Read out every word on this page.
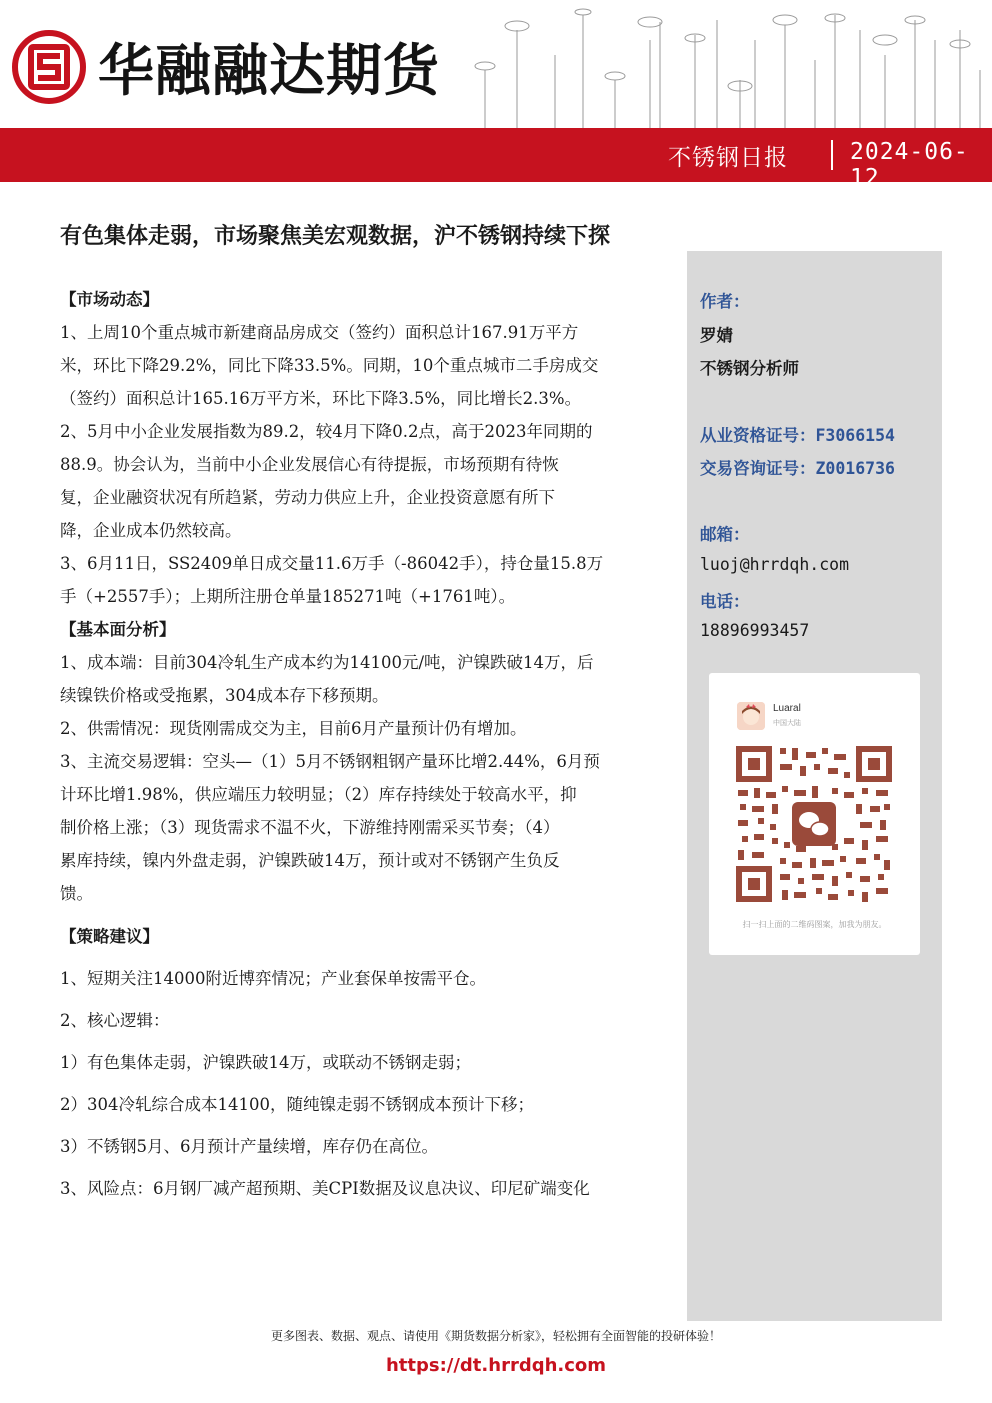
华融融达期货
不锈钢日报	2024-06-12
有色集体走弱，市场聚焦美宏观数据，沪不锈钢持续下探
【市场动态】

1、上周10个重点城市新建商品房成交（签约）面积总计167.91万平方

米，环比下降29.2%，同比下降33.5%。同期，10个重点城市二手房成交

（签约）面积总计165.16万平方米，环比下降3.5%，同比增长2.3%。

2、5月中小企业发展指数为89.2，较4月下降0.2点，高于2023年同期的

88.9。协会认为，当前中小企业发展信心有待提振，市场预期有待恢

复，企业融资状况有所趋紧，劳动力供应上升，企业投资意愿有所下

降，企业成本仍然较高。

3、6月11日，SS2409单日成交量11.6万手（-86042手），持仓量15.8万

手（+2557手）；上期所注册仓单量185271吨（+1761吨）。

【基本面分析】

1、成本端：目前304冷轧生产成本约为14100元/吨，沪镍跌破14万，后

续镍铁价格或受拖累，304成本存下移预期。

2、供需情况：现货刚需成交为主，目前6月产量预计仍有增加。

3、主流交易逻辑：空头—（1）5月不锈钢粗钢产量环比增2.44%，6月预

计环比增1.98%，供应端压力较明显；（2）库存持续处于较高水平，抑

制价格上涨；（3）现货需求不温不火，下游维持刚需采买节奏；（4）

累库持续，镍内外盘走弱，沪镍跌破14万，预计或对不锈钢产生负反

馈。

【策略建议】

1、短期关注14000附近博弈情况；产业套保单按需平仓。

2、核心逻辑：

1）有色集体走弱，沪镍跌破14万，或联动不锈钢走弱；

2）304冷轧综合成本14100，随纯镍走弱不锈钢成本预计下移；

3）不锈钢5月、6月预计产量续增，库存仍在高位。

3、风险点：6月钢厂减产超预期、美CPI数据及议息决议、印尼矿端变化

作者：
罗婧
不锈钢分析师
从业资格证号：F3066154
交易咨询证号：Z0016736
邮箱：
luoj@hrrdqh.com
电话：
18896993457
Luaral
中国大陆
扫一扫上面的二维码图案，加我为朋友。
更多图表、数据、观点、请使用《期货数据分析家》，轻松拥有全面智能的投研体验！
https://dt.hrrdqh.com
